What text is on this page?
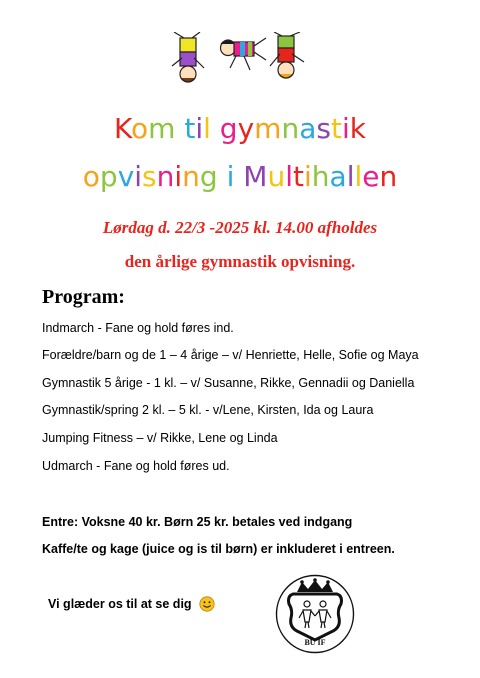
Kom til gymnastik
opvisning i Multihallen
Lørdag d. 22/3 -2025 kl. 14.00 afholdes
den årlige gymnastik opvisning.
Program:
Indmarch - Fane og hold føres ind.
Forældre/barn og de 1 – 4 årige – v/ Henriette, Helle, Sofie og Maya
Gymnastik 5 årige - 1 kl. – v/ Susanne, Rikke, Gennadii og Daniella
Gymnastik/spring 2 kl. – 5 kl. - v/Lene, Kirsten, Ida og Laura
Jumping Fitness – v/ Rikke, Lene og Linda
Udmarch - Fane og hold føres ud.
Entre: Voksne 40 kr. Børn 25 kr. betales ved indgang
Kaffe/te og kage (juice og is til børn) er inkluderet i entreen.
Vi glæder os til at se dig
BU IF
